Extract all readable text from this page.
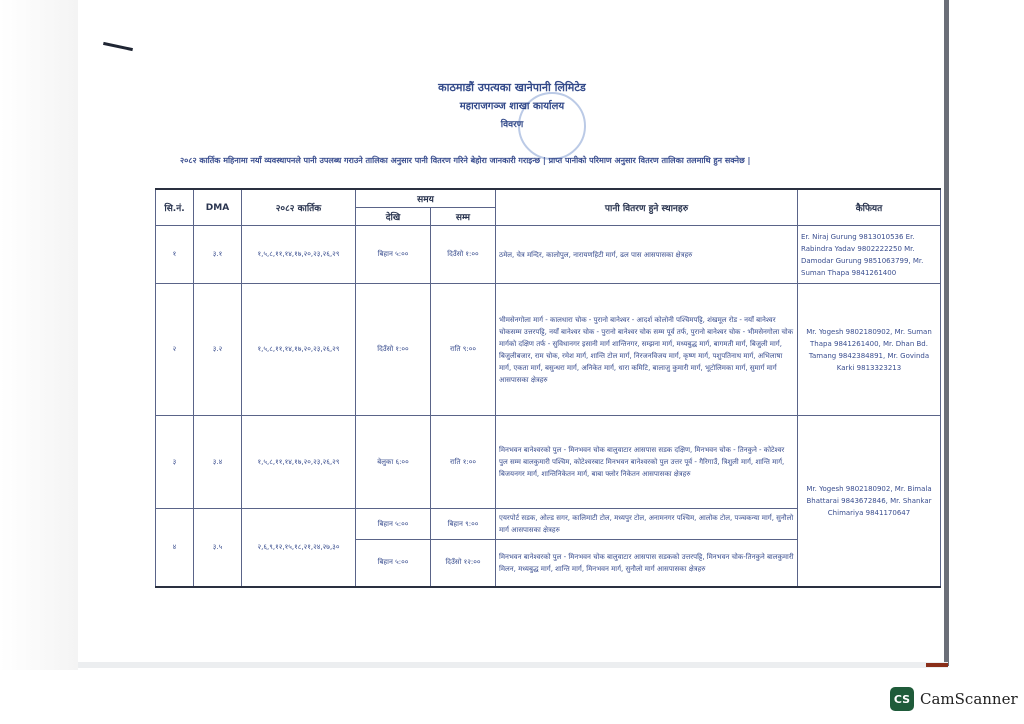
काठमाडौं उपत्यका खानेपानी लिमिटेड
महाराजगञ्ज शाखा कार्यालय
विवरण
२०८२ कार्तिक महिनामा नयाँ व्यवस्थापनले पानी उपलब्ध गराउने तालिका अनुसार पानी वितरण गरिने बेहोरा जानकारी गराइन्छ | प्राप्त पानीको परिमाण अनुसार वितरण तालिका तलमाथि हुन सक्नेछ |
सि.नं.	DMA	२०८२ कार्तिक	समय		पानी वितरण हुने स्थानहरु	कैफियत
			देखि	सम्म		
१	३.१	१,५,८,११,१४,१७,२०,२३,२६,२९	बिहान ५:००	दिउँसो १:००	ठमेल, चेत्र मन्दिर, कालोपुल, नारायणहिटी मार्ग, ढल पास आसपासका क्षेत्रहरु	Er. Niraj Gurung 9813010536 Er. Rabindra Yadav 9802222250 Mr. Damodar Gurung 9851063799, Mr. Suman Thapa 9841261400
२	३.२	१,५,८,११,१४,१७,२०,२३,२६,२९	दिउँसो १:००	राति ९:००	भीमसेनगोला मार्ग - कालधारा चोक - पुरानो बानेश्वर - आदर्श कोलोनी पश्चिमपट्टि, शंखमूल रोड - नयाँ बानेश्वर चोकसम्म उत्तरपट्टि, नयाँ बानेश्वर चोक - पुरानो बानेश्वर चोक सम्म पूर्व तर्फ, पुरानो बानेश्वर चोक - भीमसेनगोला चोक मार्गको दक्षिण तर्फ - सुविधानगर इसानी मार्ग शान्तिनगर, सम्झना मार्ग, मध्यबुद्ध मार्ग, बागमती मार्ग, बिजुली मार्ग, बिजुलीबजार, राम चोक, रमेश मार्ग, शान्ति टोल मार्ग, निरजनविजय मार्ग, कृष्ण मार्ग, पशुपतिनाथ मार्ग, अभिलाषा मार्ग, एकता मार्ग, बसुन्धरा मार्ग, अनिकेत मार्ग, धारा कमिटि, बालाजु कुमारी मार्ग, भूटोलिमका मार्ग, सुमार्ग मार्ग आसपासका क्षेत्रहरु	Mr. Yogesh 9802180902, Mr. Suman Thapa 9841261400, Mr. Dhan Bd. Tamang 9842384891, Mr. Govinda Karki 9813323213
३	३.४	१,५,८,११,१४,१७,२०,२३,२६,२९	बेलुका ६:००	राति १:००	मिनभवन बानेश्वरको पुल - मिनभवन चोक बालुवाटार आसपास सडक दक्षिण, मिनभवन चोक - तिनकुने - कोटेश्वर पुल सम्म बालकुमारी पश्चिम, कोटेश्वरबाट मिनभवन बानेश्वरको पुल उत्तर पूर्व - गैरिगाउँ, त्रिशुली मार्ग, शान्ति मार्ग, बिजयनगर मार्ग, शान्तिनिकेतन मार्ग, बाबा फ्लोर निकेतन आसपासका क्षेत्रहरु	Mr. Yogesh 9802180902, Mr. Bimala Bhattarai 9843672846, Mr. Shankar Chimariya 9841170647
४	३.५	२,६,९,१२,१५,१८,२१,२४,२७,३०	बिहान ५:००	बिहान ९:००	एयरपोर्ट सडक, ओल्ड सगर, कालिमाटी टोल, मध्यपुर टोल, अनामनगर पश्चिम, आलोक टोल, पञ्चकन्या मार्ग, सुनौलो मार्ग आसपासका क्षेत्रहरु	
			बिहान ५:००	दिउँसो १२:००	मिनभवन बानेश्वरको पुल - मिनभवन चोक बालुवाटार आसपास सडकको उत्तरपट्टि, मिनभवन चोक-तिनकुने बालकुमारी मिलन, मध्यबुद्ध मार्ग, शान्ति मार्ग, मिनभवन मार्ग, सुनौलो मार्ग आसपासका क्षेत्रहरु	
CS CamScanner
